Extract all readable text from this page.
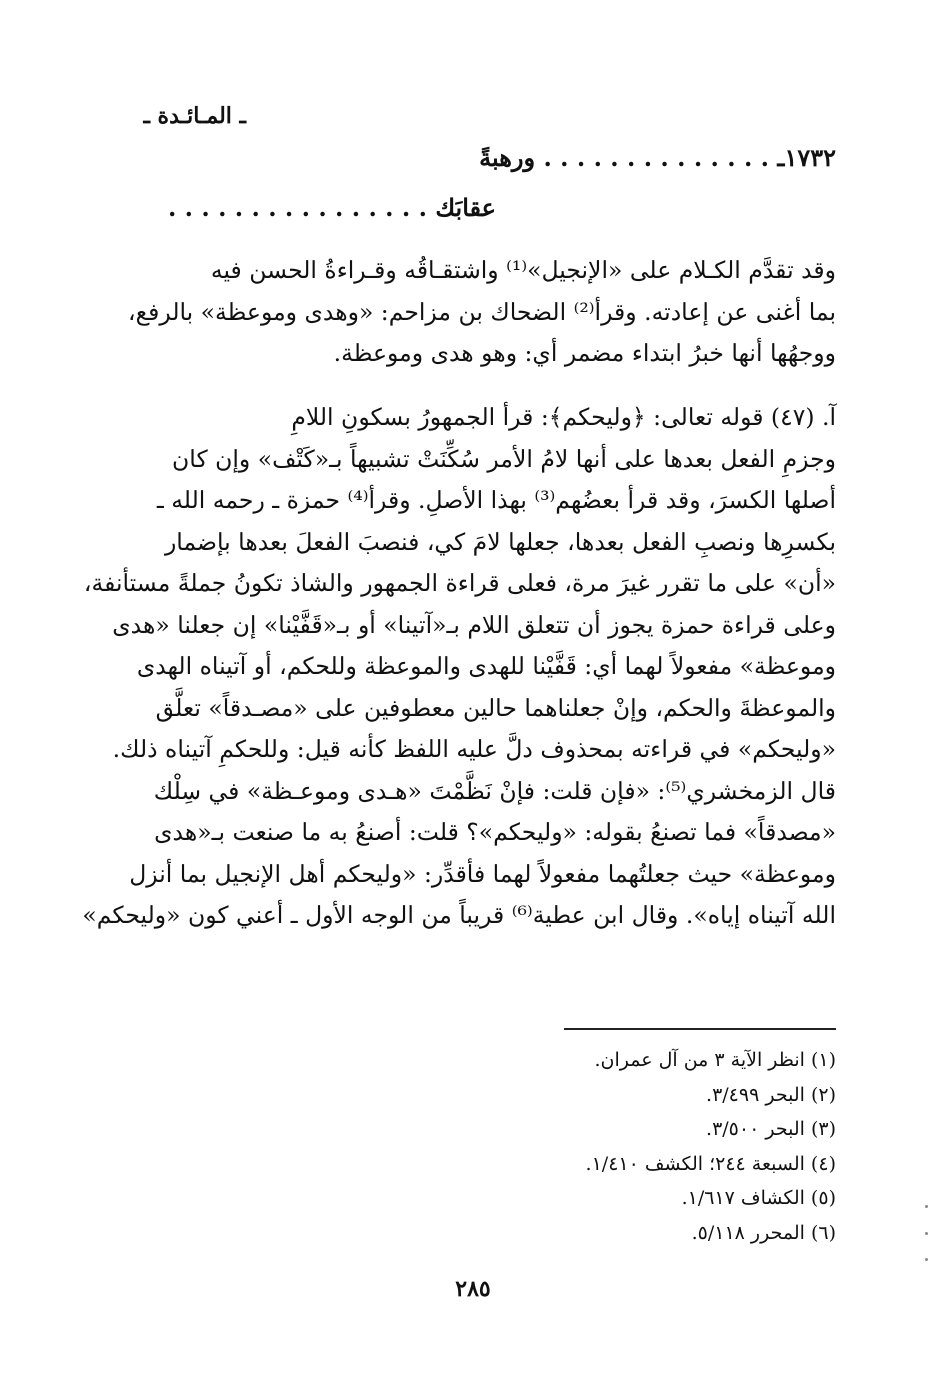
ـ المـائـدة ـ
١٧٣٢ـ . . . . . . . . . . . . . . ورهبةً
عقابَك . . . . . . . . . . . . . . . .
وقد تقدَّم الكـلام على «الإنجيل»⁽¹⁾ واشتقـاقُه وقـراءةُ الحسن فيه
بما أغنى عن إعادته. وقرأ⁽²⁾ الضحاك بن مزاحم: «وهدى وموعظة» بالرفع،
ووجهُها أنها خبرُ ابتداء مضمر أي: وهو هدى وموعظة.
آ. (٤٧) قوله تعالى: ﴿وليحكم﴾: قرأ الجمهورُ بسكونِ اللامِ
وجزمِ الفعل بعدها على أنها لامُ الأمر سُكِّنَتْ تشبيهاً بـ«كَتْف» وإن كان
أصلها الكسرَ، وقد قرأ بعضُهم⁽³⁾ بهذا الأصلِ. وقرأ⁽⁴⁾ حمزة ـ رحمه الله ـ
بكسرِها ونصبِ الفعل بعدها، جعلها لامَ كي، فنصبَ الفعلَ بعدها بإضمار
«أن» على ما تقرر غيرَ مرة، فعلى قراءة الجمهور والشاذ تكونُ جملةً مستأنفة،
وعلى قراءة حمزة يجوز أن تتعلق اللام بـ«آتينا» أو بـ«قَفَّيْنا» إن جعلنا «هدى
وموعظة» مفعولاً لهما أي: قَفَّيْنا للهدى والموعظة وللحكم، أو آتيناه الهدى
والموعظةَ والحكم، وإنْ جعلناهما حالين معطوفين على «مصـدقاً» تعلَّق
«وليحكم» في قراءته بمحذوف دلَّ عليه اللفظ كأنه قيل: وللحكمِ آتيناه ذلك.
قال الزمخشري⁽⁵⁾: «فإن قلت: فإنْ نَظَّمْتَ «هـدى وموعـظة» في سِلْك
«مصدقاً» فما تصنعُ بقوله: «وليحكم»؟ قلت: أصنعُ به ما صنعت بـ«هدى
وموعظة» حيث جعلتُهما مفعولاً لهما فأقدِّر: «وليحكم أهل الإنجيل بما أنزل
الله آتيناه إياه». وقال ابن عطية⁽⁶⁾ قريباً من الوجه الأول ـ أعني كون «وليحكم»
(١) انظر الآية ٣ من آل عمران.
(٢) البحر ٣/٤٩٩.
(٣) البحر ٣/٥٠٠.
(٤) السبعة ٢٤٤؛ الكشف ١/٤١٠.
(٥) الكشاف ١/٦١٧.
(٦) المحرر ٥/١١٨.
٢٨٥
